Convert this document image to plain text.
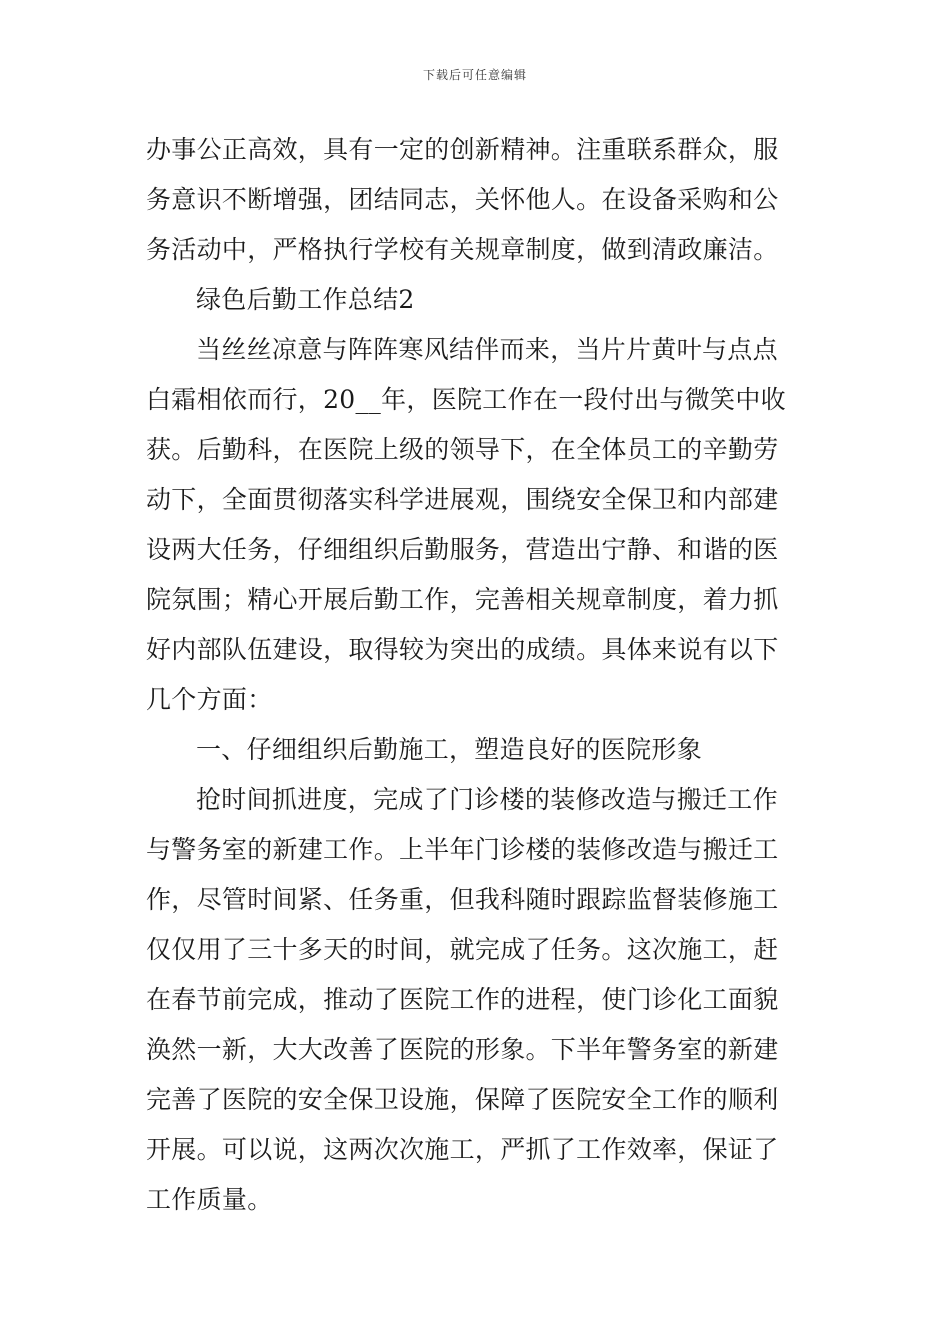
下载后可任意编辑
办事公正高效，具有一定的创新精神。注重联系群众，服
务意识不断增强，团结同志，关怀他人。在设备采购和公
务活动中，严格执行学校有关规章制度，做到清政廉洁。
绿色后勤工作总结2
当丝丝凉意与阵阵寒风结伴而来，当片片黄叶与点点
白霜相依而行，20__年，医院工作在一段付出与微笑中收
获。后勤科，在医院上级的领导下，在全体员工的辛勤劳
动下，全面贯彻落实科学进展观，围绕安全保卫和内部建
设两大任务，仔细组织后勤服务，营造出宁静、和谐的医
院氛围；精心开展后勤工作，完善相关规章制度，着力抓
好内部队伍建设，取得较为突出的成绩。具体来说有以下
几个方面：
一、仔细组织后勤施工，塑造良好的医院形象
抢时间抓进度，完成了门诊楼的装修改造与搬迁工作
与警务室的新建工作。上半年门诊楼的装修改造与搬迁工
作，尽管时间紧、任务重，但我科随时跟踪监督装修施工
仅仅用了三十多天的时间，就完成了任务。这次施工，赶
在春节前完成，推动了医院工作的进程，使门诊化工面貌
涣然一新，大大改善了医院的形象。下半年警务室的新建
完善了医院的安全保卫设施，保障了医院安全工作的顺利
开展。可以说，这两次次施工，严抓了工作效率，保证了
工作质量。
